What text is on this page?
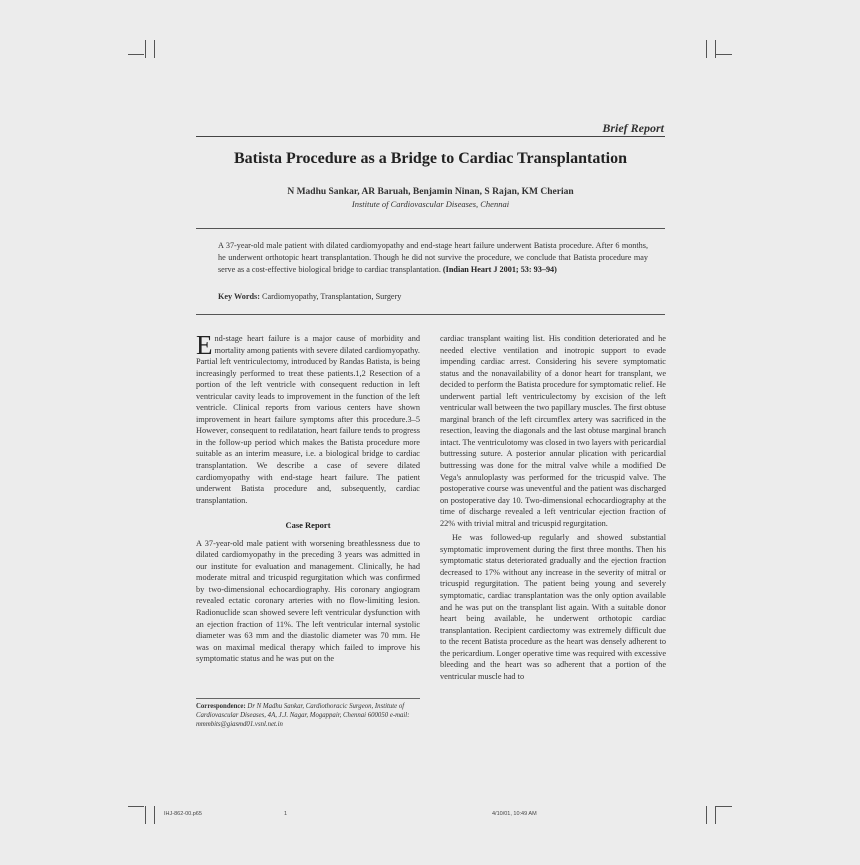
Brief Report
Batista Procedure as a Bridge to Cardiac Transplantation
N Madhu Sankar, AR Baruah, Benjamin Ninan, S Rajan, KM Cherian
Institute of Cardiovascular Diseases, Chennai
A 37-year-old male patient with dilated cardiomyopathy and end-stage heart failure underwent Batista procedure. After 6 months, he underwent orthotopic heart transplantation. Though he did not survive the procedure, we conclude that Batista procedure may serve as a cost-effective biological bridge to cardiac transplantation. (Indian Heart J 2001; 53: 93–94)
Key Words: Cardiomyopathy, Transplantation, Surgery

End-stage heart failure is a major cause of morbidity and mortality among patients with severe dilated cardiomyopathy. Partial left ventriculectomy, introduced by Randas Batista, is being increasingly performed to treat these patients.1,2 Resection of a portion of the left ventricle with consequent reduction in left ventricular cavity leads to improvement in the function of the left ventricle. Clinical reports from various centers have shown improvement in heart failure symptoms after this procedure.3–5 However, consequent to redilatation, heart failure tends to progress in the follow-up period which makes the Batista procedure more suitable as an interim measure, i.e. a biological bridge to cardiac transplantation. We describe a case of severe dilated cardiomyopathy with end-stage heart failure. The patient underwent Batista procedure and, subsequently, cardiac transplantation.

Case Report

A 37-year-old male patient with worsening breathlessness due to dilated cardiomyopathy in the preceding 3 years was admitted in our institute for evaluation and management. Clinically, he had moderate mitral and tricuspid regurgitation which was confirmed by two-dimensional echocardiography. His coronary angiogram revealed ectatic coronary arteries with no flow-limiting lesion. Radionuclide scan showed severe left ventricular dysfunction with an ejection fraction of 11%. The left ventricular internal systolic diameter was 63 mm and the diastolic diameter was 70 mm. He was on maximal medical therapy which failed to improve his symptomatic status and he was put on the

cardiac transplant waiting list. His condition deteriorated and he needed elective ventilation and inotropic support to evade impending cardiac arrest. Considering his severe symptomatic status and the nonavailability of a donor heart for transplant, we decided to perform the Batista procedure for symptomatic relief. He underwent partial left ventriculectomy by excision of the left ventricular wall between the two papillary muscles. The first obtuse marginal branch of the left circumflex artery was sacrificed in the resection, leaving the diagonals and the last obtuse marginal branch intact. The ventriculotomy was closed in two layers with pericardial buttressing suture. A posterior annular plication with pericardial buttressing was done for the mitral valve while a modified De Vega's annuloplasty was performed for the tricuspid valve. The postoperative course was uneventful and the patient was discharged on postoperative day 10. Two-dimensional echocardiography at the time of discharge revealed a left ventricular ejection fraction of 22% with trivial mitral and tricuspid regurgitation.

He was followed-up regularly and showed substantial symptomatic improvement during the first three months. Then his symptomatic status deteriorated gradually and the ejection fraction decreased to 17% without any increase in the severity of mitral or tricuspid regurgitation. The patient being young and severely symptomatic, cardiac transplantation was the only option available and he was put on the transplant list again. With a suitable donor heart being available, he underwent orthotopic cardiac transplantation. Recipient cardiectomy was extremely difficult due to the recent Batista procedure as the heart was densely adherent to the pericardium. Longer operative time was required with excessive bleeding and the heart was so adherent that a portion of the ventricular muscle had to

Correspondence: Dr N Madhu Sankar, Cardiothoracic Surgeon, Institute of Cardiovascular Diseases, 4A, J.J. Nagar, Mogappair, Chennai 600050 e-mail: mmmbits@giasmd01.vsnl.net.in
IHJ-862-00.p65	1	4/10/01, 10:49 AM
